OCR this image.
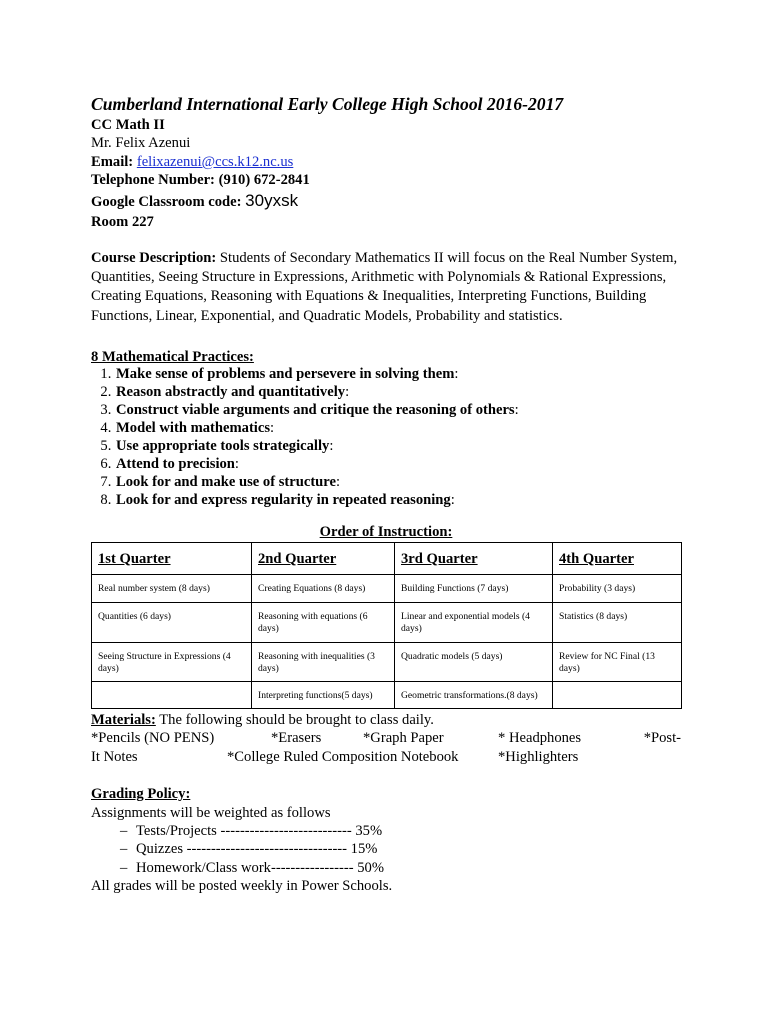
Cumberland International Early College High School 2016-2017
CC Math II
Mr. Felix Azenui
Email: felixazenui@ccs.k12.nc.us
Telephone Number: (910) 672-2841
Google Classroom code: 30yxsk
Room 227
Course Description: Students of Secondary Mathematics II will focus on the Real Number System, Quantities, Seeing Structure in Expressions, Arithmetic with Polynomials & Rational Expressions, Creating Equations, Reasoning with Equations & Inequalities, Interpreting Functions, Building Functions, Linear, Exponential, and Quadratic Models, Probability and statistics.
8 Mathematical Practices:
1. Make sense of problems and persevere in solving them:
2. Reason abstractly and quantitatively:
3. Construct viable arguments and critique the reasoning of others:
4. Model with mathematics:
5. Use appropriate tools strategically:
6. Attend to precision:
7. Look for and make use of structure:
8. Look for and express regularity in repeated reasoning:
Order of Instruction:
1st Quarter	2nd Quarter	3rd Quarter	4th Quarter
Real number system (8 days)	Creating Equations (8 days)	Building Functions (7 days)	Probability (3 days)
Quantities (6 days)	Reasoning with equations (6 days)	Linear and exponential models (4 days)	Statistics (8 days)
Seeing Structure in Expressions (4 days)	Reasoning with inequalities (3 days)	Quadratic models (5 days)	Review for NC Final (13 days)
	Interpreting functions(5 days)	Geometric transformations.(8 days)	
Materials: The following should be brought to class daily.
*Pencils (NO PENS)	*Erasers	*Graph Paper	* Headphones	*Post-
It Notes	*College Ruled Composition Notebook	*Highlighters
Grading Policy:
Assignments will be weighted as follows
– Tests/Projects --------------------------- 35%
– Quizzes --------------------------------- 15%
– Homework/Class work----------------- 50%
All grades will be posted weekly in Power Schools.
